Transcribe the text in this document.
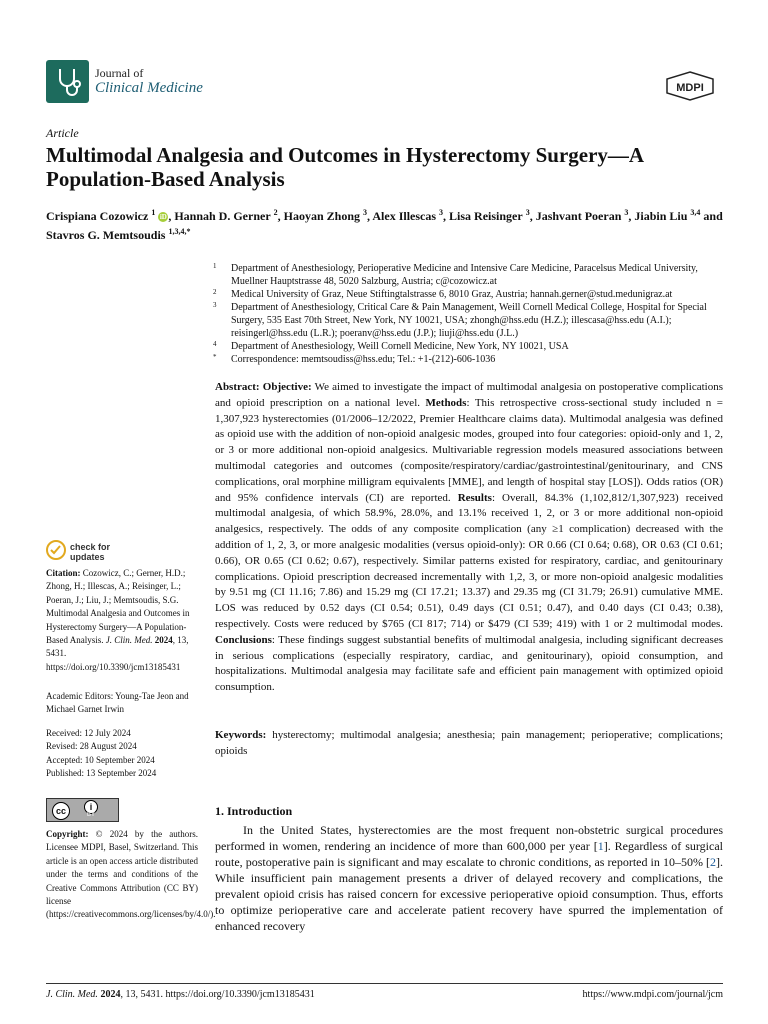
Journal of
Clinical Medicine	MDPI
Article
Multimodal Analgesia and Outcomes in Hysterectomy Surgery—A Population-Based Analysis
Crispiana Cozowicz $^1$ iD , Hannah D. Gerner $^2$, Haoyan Zhong $^3$, Alex Illescas $^3$, Lisa Reisinger $^3$, Jashvant Poeran $^3$, Jiabin Liu $^{3,4}$ and Stavros G. Memtsoudis $^{1,3,4,*}$
1 Department of Anesthesiology, Perioperative Medicine and Intensive Care Medicine, Paracelsus Medical University, Muellner Hauptstrasse 48, 5020 Salzburg, Austria; c@cozowicz.at
2 Medical University of Graz, Neue Stiftingtalstrasse 6, 8010 Graz, Austria; hannah.gerner@stud.medunigraz.at
3 Department of Anesthesiology, Critical Care & Pain Management, Weill Cornell Medical College, Hospital for Special Surgery, 535 East 70th Street, New York, NY 10021, USA; zhongh@hss.edu (H.Z.); illescasa@hss.edu (A.I.); reisingerl@hss.edu (L.R.); poeranv@hss.edu (J.P.); liuji@hss.edu (J.L.)
4 Department of Anesthesiology, Weill Cornell Medicine, New York, NY 10021, USA
* Correspondence: memtsoudiss@hss.edu; Tel.: +1-(212)-606-1036
Abstract: Objective: We aimed to investigate the impact of multimodal analgesia on postoperative complications and opioid prescription on a national level. Methods: This retrospective cross-sectional study included n = 1,307,923 hysterectomies (01/2006–12/2022, Premier Healthcare claims data). Multimodal analgesia was defined as opioid use with the addition of non-opioid analgesic modes, grouped into four categories: opioid-only and 1, 2, or 3 or more additional non-opioid analgesics. Multivariable regression models measured associations between multimodal categories and outcomes (composite/respiratory/cardiac/gastrointestinal/genitourinary, and CNS complications, oral morphine milligram equivalents [MME], and length of hospital stay [LOS]). Odds ratios (OR) and 95% confidence intervals (CI) are reported. Results: Overall, 84.3% (1,102,812/1,307,923) received multimodal analgesia, of which 58.9%, 28.0%, and 13.1% received 1, 2, or 3 or more additional non-opioid analgesics, respectively. The odds of any composite complication (any ≥1 complication) decreased with the addition of 1, 2, 3, or more analgesic modalities (versus opioid-only): OR 0.66 (CI 0.64; 0.68), OR 0.63 (CI 0.61; 0.66), OR 0.65 (CI 0.62; 0.67), respectively. Similar patterns existed for respiratory, cardiac, and genitourinary complications. Opioid prescription decreased incrementally with 1,2, 3, or more non-opioid analgesic modalities by 9.51 mg (CI 11.16; 7.86) and 15.29 mg (CI 17.21; 13.37) and 29.35 mg (CI 31.79; 26.91) cumulative MME. LOS was reduced by 0.52 days (CI 0.54; 0.51), 0.49 days (CI 0.51; 0.47), and 0.40 days (CI 0.43; 0.38), respectively. Costs were reduced by $765 (CI 817; 714) or $479 (CI 539; 419) with 1 or 2 multimodal modes. Conclusions: These findings suggest substantial benefits of multimodal analgesia, including significant decreases in serious complications (especially respiratory, cardiac, and genitourinary), opioid consumption, and hospitalizations. Multimodal analgesia may facilitate safe and efficient pain management with optimized opioid consumption.
Keywords: hysterectomy; multimodal analgesia; anesthesia; pain management; perioperative; complications; opioids
check for
updates
Citation: Cozowicz, C.; Gerner, H.D.; Zhong, H.; Illescas, A.; Reisinger, L.; Poeran, J.; Liu, J.; Memtsoudis, S.G. Multimodal Analgesia and Outcomes in Hysterectomy Surgery—A Population-Based Analysis. J. Clin. Med. 2024, 13, 5431. https://doi.org/10.3390/jcm13185431
Academic Editors: Young-Tae Jeon and Michael Garnet Irwin
Received: 12 July 2024
Revised: 28 August 2024
Accepted: 10 September 2024
Published: 13 September 2024
cc	i
BY
Copyright: © 2024 by the authors. Licensee MDPI, Basel, Switzerland. This article is an open access article distributed under the terms and conditions of the Creative Commons Attribution (CC BY) license (https://creativecommons.org/licenses/by/4.0/).
1. Introduction
In the United States, hysterectomies are the most frequent non-obstetric surgical procedures performed in women, rendering an incidence of more than 600,000 per year [1]. Regardless of surgical route, postoperative pain is significant and may escalate to chronic conditions, as reported in 10–50% [2]. While insufficient pain management presents a driver of delayed recovery and complications, the prevalent opioid crisis has raised concern for excessive perioperative opioid consumption. Thus, efforts to optimize perioperative care and accelerate patient recovery have spurred the implementation of enhanced recovery
J. Clin. Med. 2024, 13, 5431. https://doi.org/10.3390/jcm13185431	https://www.mdpi.com/journal/jcm
